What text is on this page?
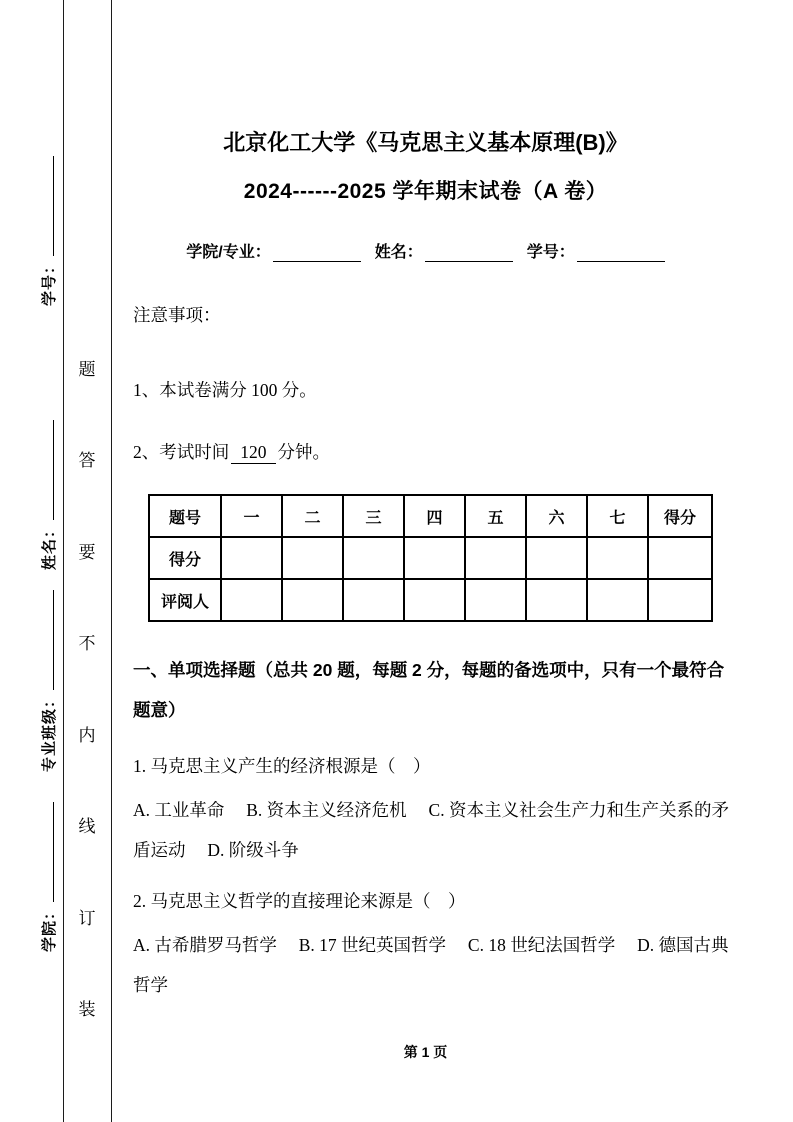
学号：
姓名：
专业班级：
学院：
题
答
要
不
内
线
订
装
北京化工大学《马克思主义基本原理(B)》
2024------2025 学年期末试卷（A 卷）
学院/专业：	姓名：	学号：

注意事项：

1、本试卷满分 100 分。

2、考试时间 120 分钟。

题号	一	二	三	四	五	六	七	得分
得分								
评阅人								

一、单项选择题（总共 20 题，每题 2 分，每题的备选项中，只有一个最符合题意）

1. 马克思主义产生的经济根源是（　）

A. 工业革命　 B. 资本主义经济危机　 C. 资本主义社会生产力和生产关系的矛盾运动　 D. 阶级斗争

2. 马克思主义哲学的直接理论来源是（　）

A. 古希腊罗马哲学　 B. 17 世纪英国哲学　 C. 18 世纪法国哲学　 D. 德国古典哲学

第 1 页
